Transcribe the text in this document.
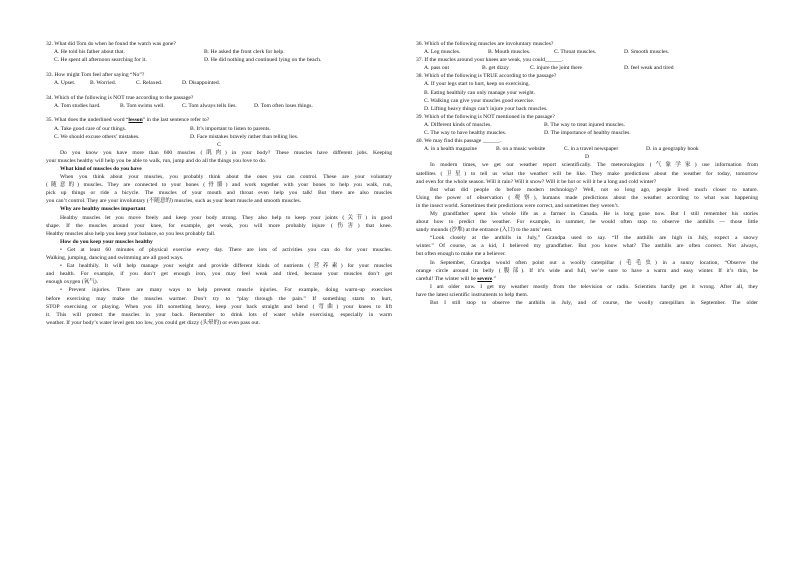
32. What did Tom do when he found the watch was gone?
A. He told his father about that.	B. He asked the front clerk for help.
C. He spent all afternoon searching for it.	D. He did nothing and continued lying on the beach.
33. How might Tom feel after saying “No”?
A. Upset.	B. Worried.	C. Relaxed.	D. Disappointed.
34. Which of the following is NOT true according to the passage?
A. Tom studies hard.	B. Tom swims well.	C. Tom always tells lies.	D. Tom often loses things.
35. What does the underlined word “lesson” in the last sentence refer to?
A. Take good care of our things.	B. It’s important to listen to parents.
C. We should excuse others’ mistakes.	D. Face mistakes bravely rather than telling lies.
C
Do you know you have more than 600 muscles (肌肉) in your body? These muscles have different jobs. Keeping
your muscles healthy will help you be able to walk, run, jump and do all the things you love to do.
What kind of muscles do you have
When you think about your muscles, you probably think about the ones you can control. These are your voluntary
(随意的) muscles. They are connected to your bones (骨骼) and work together with your bones to help you walk, run,
pick up things or ride a bicycle. The muscles of your mouth and throat even help you talk! But there are also muscles
you can’t control. They are your involuntary (不随意的) muscles, such as your heart muscle and smooth muscles.
Why are healthy muscles important
Healthy muscles let you move freely and keep your body strong. They also help to keep your joints (关节) in good
shape. If the muscles around your knee, for example, get weak, you will more probably injure (伤害) that knee.
Healthy muscles also help you keep your balance, so you less probably fall.
How do you keep your muscles healthy
• Get at least 60 minutes of physical exercise every day. There are lots of activities you can do for your muscles.
Walking, jumping, dancing and swimming are all good ways.
• Eat healthily. It will help manage your weight and provide different kinds of nutrients (营养素) for your muscles
and health. For example, if you don’t get enough iron, you may feel weak and tired, because your muscles don’t get
enough oxygen (氧气).
• Prevent injuries. There are many ways to help prevent muscle injuries. For example, doing warm-up exercises
before exercising may make the muscles warmer. Don’t try to “play through the pain.” If something starts to hurt,
STOP exercising or playing. When you lift something heavy, keep your back straight and bend (弯曲) your knees to lift
it. This will protect the muscles in your back. Remember to drink lots of water while exercising, especially in warm
weather. If your body’s water level gets too low, you could get dizzy (头晕的) or even pass out.
36. Which of the following muscles are involuntary muscles?
A. Leg muscles.	B. Mouth muscles.	C. Throat muscles.	D. Smooth muscles.
37. If the muscles around your knees are weak, you could______.
A. pass out	B. get dizzy	C. injure the joint there	D. feel weak and tired
38. Which of the following is TRUE according to the passage?
A. If your legs start to hurt, keep on exercising.
B. Eating healthily can only manage your weight.
C. Walking can give your muscles good exercise.
D. Lifting heavy things can’t injure your back muscles.
39. Which of the following is NOT mentioned in the passage?
A. Different kinds of muscles.	B. The way to treat injured muscles.
C. The way to have healthy muscles.	D. The importance of healthy muscles.
40. We may find this passage ______.
A. in a health magazine	B. on a music website	C. in a travel newspaper	D. in a geography book
D
In modern times, we get our weather report scientifically. The meteorologists (气象学家) use information from
satellites (卫星) to tell us what the weather will be like. They make predictions about the weather for today, tomorrow
and even for the whole season. Will it rain? Will it snow? Will it be hot or will it be a long and cold winter?
But what did people do before modern technology? Well, not so long ago, people lived much closer to nature.
Using the power of observation (观察), humans made predictions about the weather according to what was happening
in the insect world. Sometimes their predictions were correct, and sometimes they weren’t.
My grandfather spent his whole life as a farmer in Canada. He is long gone now. But I still remember his stories
about how to predict the weather. For example, in summer, he would often stop to observe the anthills — those little
sandy mounds (沙堆) at the entrance (入口) to the ants’ nest.
“Look closely at the anthills in July,” Grandpa used to say. “If the anthills are high in July, expect a snowy
winter.” Of course, as a kid, I believed my grandfather. But you know what? The anthills are often correct. Not always,
but often enough to make me a believer.
In September, Grandpa would often point out a woolly caterpillar (毛毛虫) in a sunny location, “Observe the
orange circle around its belly (腹部). If it’s wide and full, we’re sure to have a warm and easy winter. If it’s thin, be
careful! The winter will be severe.”
I am older now. I get my weather mostly from the television or radio. Scientists hardly get it wrong. After all, they
have the latest scientific instruments to help them.
But I still stop to observe the anthills in July, and of course, the woolly caterpillars in September. The older
